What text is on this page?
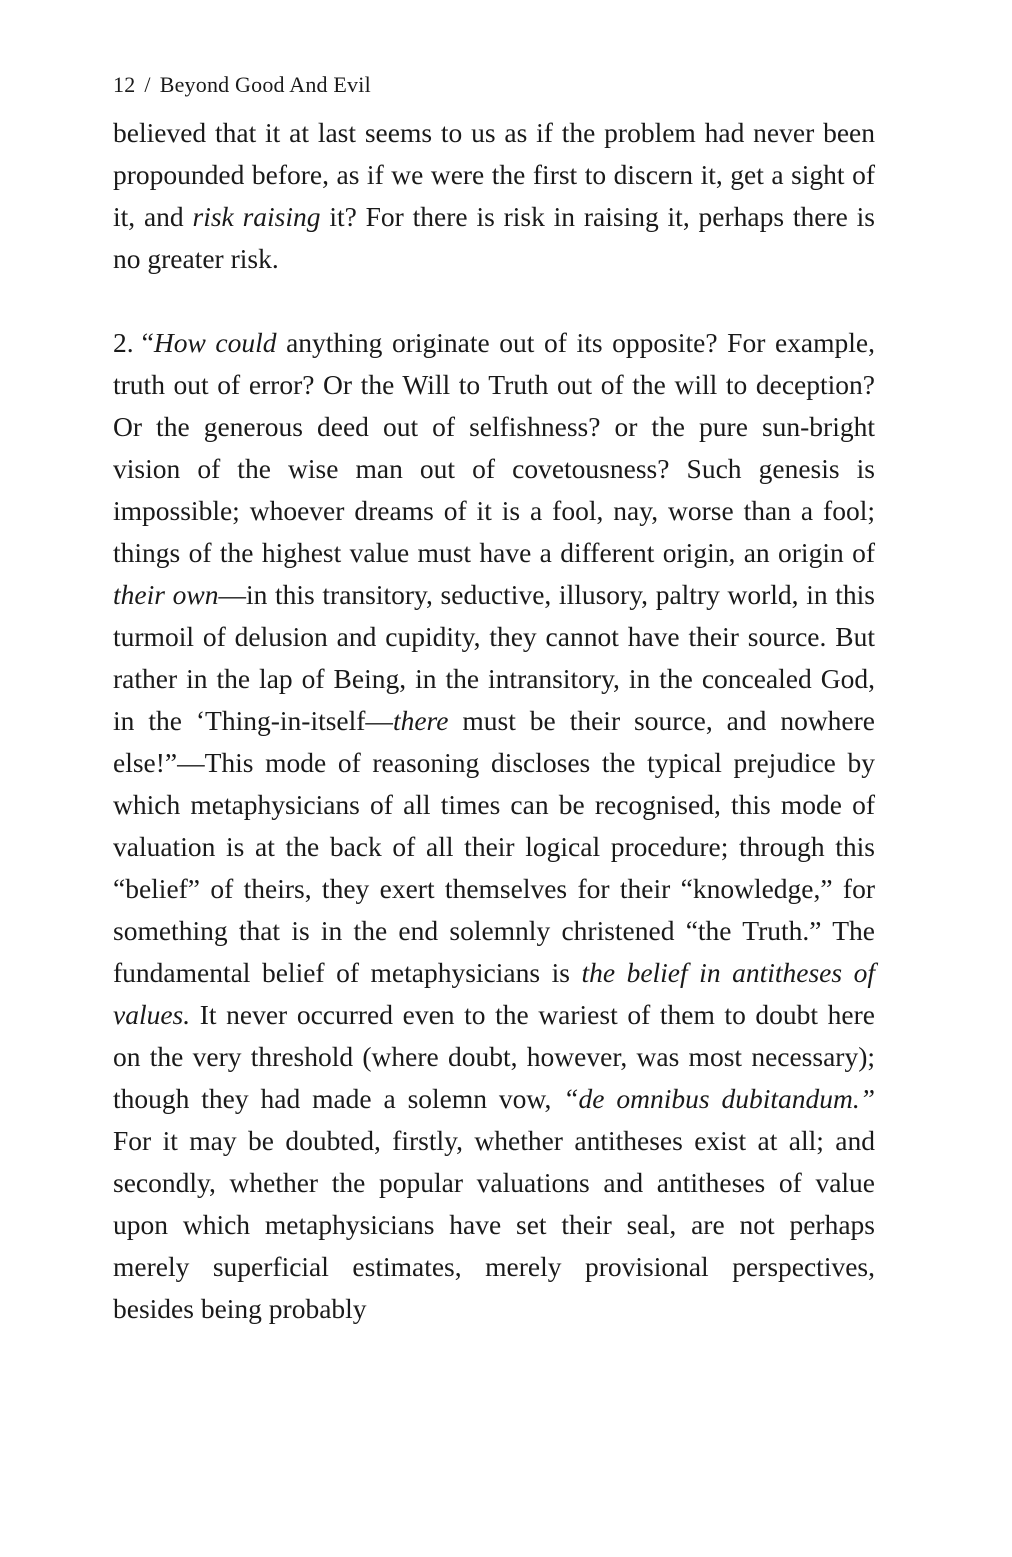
12 / Beyond Good And Evil

believed that it at last seems to us as if the problem had never been propounded before, as if we were the first to discern it, get a sight of it, and risk raising it? For there is risk in raising it, perhaps there is no greater risk.

2. “How could anything originate out of its opposite? For example, truth out of error? Or the Will to Truth out of the will to deception? Or the generous deed out of selfishness? or the pure sun-bright vision of the wise man out of covetousness? Such genesis is impossible; whoever dreams of it is a fool, nay, worse than a fool; things of the highest value must have a different origin, an origin of their own—in this transitory, seductive, illusory, paltry world, in this turmoil of delusion and cupidity, they cannot have their source. But rather in the lap of Being, in the intransitory, in the concealed God, in the ‘Thing-in-itself—there must be their source, and nowhere else!”—This mode of reasoning discloses the typical prejudice by which metaphysicians of all times can be recognised, this mode of valuation is at the back of all their logical procedure; through this “belief” of theirs, they exert themselves for their “knowledge,” for something that is in the end solemnly christened “the Truth.” The fundamental belief of metaphysicians is the belief in antitheses of values. It never occurred even to the wariest of them to doubt here on the very threshold (where doubt, however, was most necessary); though they had made a solemn vow, “de omnibus dubitandum.” For it may be doubted, firstly, whether antitheses exist at all; and secondly, whether the popular valuations and antitheses of value upon which metaphysicians have set their seal, are not perhaps merely superficial estimates, merely provisional perspectives, besides being probably
